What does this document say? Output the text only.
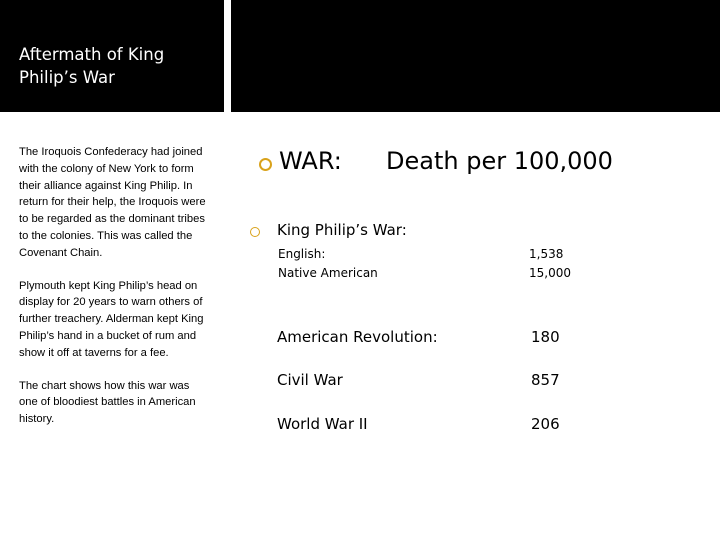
Aftermath of King Philip’s War

The Iroquois Confederacy had joined with the colony of New York to form their alliance against King Philip. In return for their help, the Iroquois were to be regarded as the dominant tribes to the colonies. This was called the Covenant Chain.

Plymouth kept King Philip’s head on display for 20 years to warn others of further treachery. Alderman kept King Philip’s hand in a bucket of rum and show it off at taverns for a fee.

The chart shows how this war was one of bloodiest battles in American history.

WAR: Death per 100,000
King Philip’s War:
English:	1,538
Native American	15,000
American Revolution:	180
Civil War	857
World War II	206
